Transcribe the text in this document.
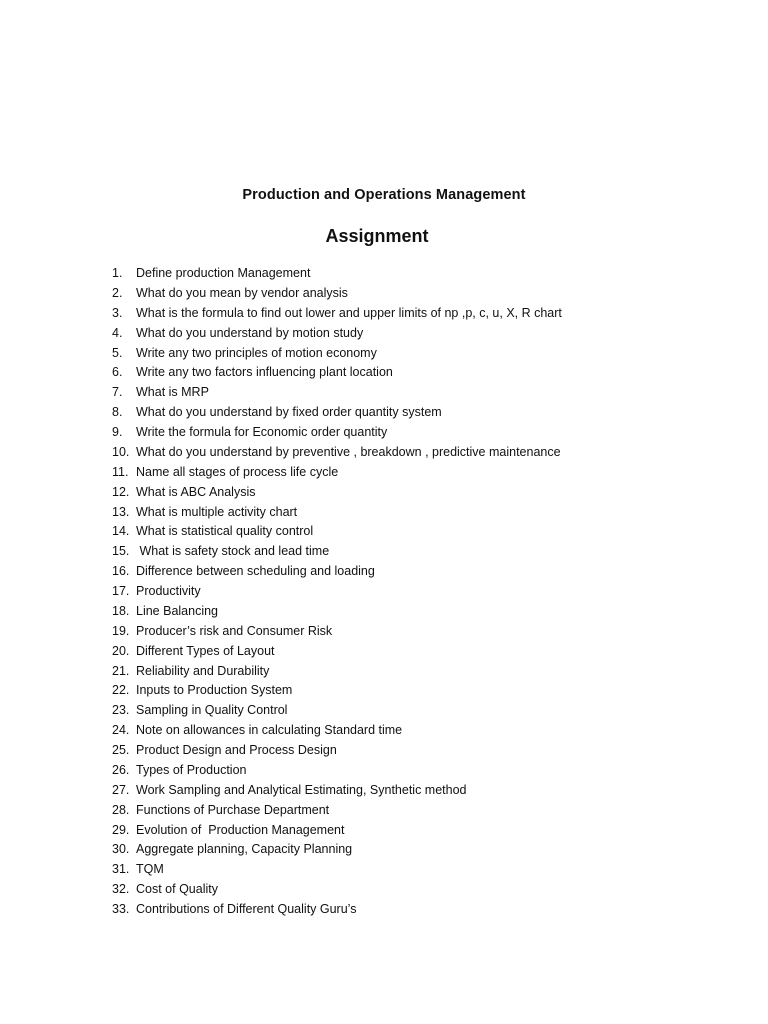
Production and Operations Management
Assignment
1.	Define production Management
2.	What do you mean by vendor analysis
3.	What is the formula to find out lower and upper limits of np ,p, c, u, X, R chart
4.	What do you understand by motion study
5.	Write any two principles of motion economy
6.	Write any two factors influencing plant location
7.	What is MRP
8.	What do you understand by fixed order quantity system
9.	Write the formula for Economic order quantity
10. What do you understand by preventive , breakdown , predictive maintenance
11. Name all stages of process life cycle
12. What is ABC Analysis
13. What is multiple activity chart
14. What is statistical quality control
15. What is safety stock and lead time
16. Difference between scheduling and loading
17. Productivity
18. Line Balancing
19. Producer’s risk and Consumer Risk
20. Different Types of Layout
21. Reliability and Durability
22. Inputs to Production System
23. Sampling in Quality Control
24. Note on allowances in calculating Standard time
25. Product Design and Process Design
26. Types of Production
27. Work Sampling and Analytical Estimating, Synthetic method
28. Functions of Purchase Department
29. Evolution of  Production Management
30. Aggregate planning, Capacity Planning
31. TQM
32. Cost of Quality
33. Contributions of Different Quality Guru’s
